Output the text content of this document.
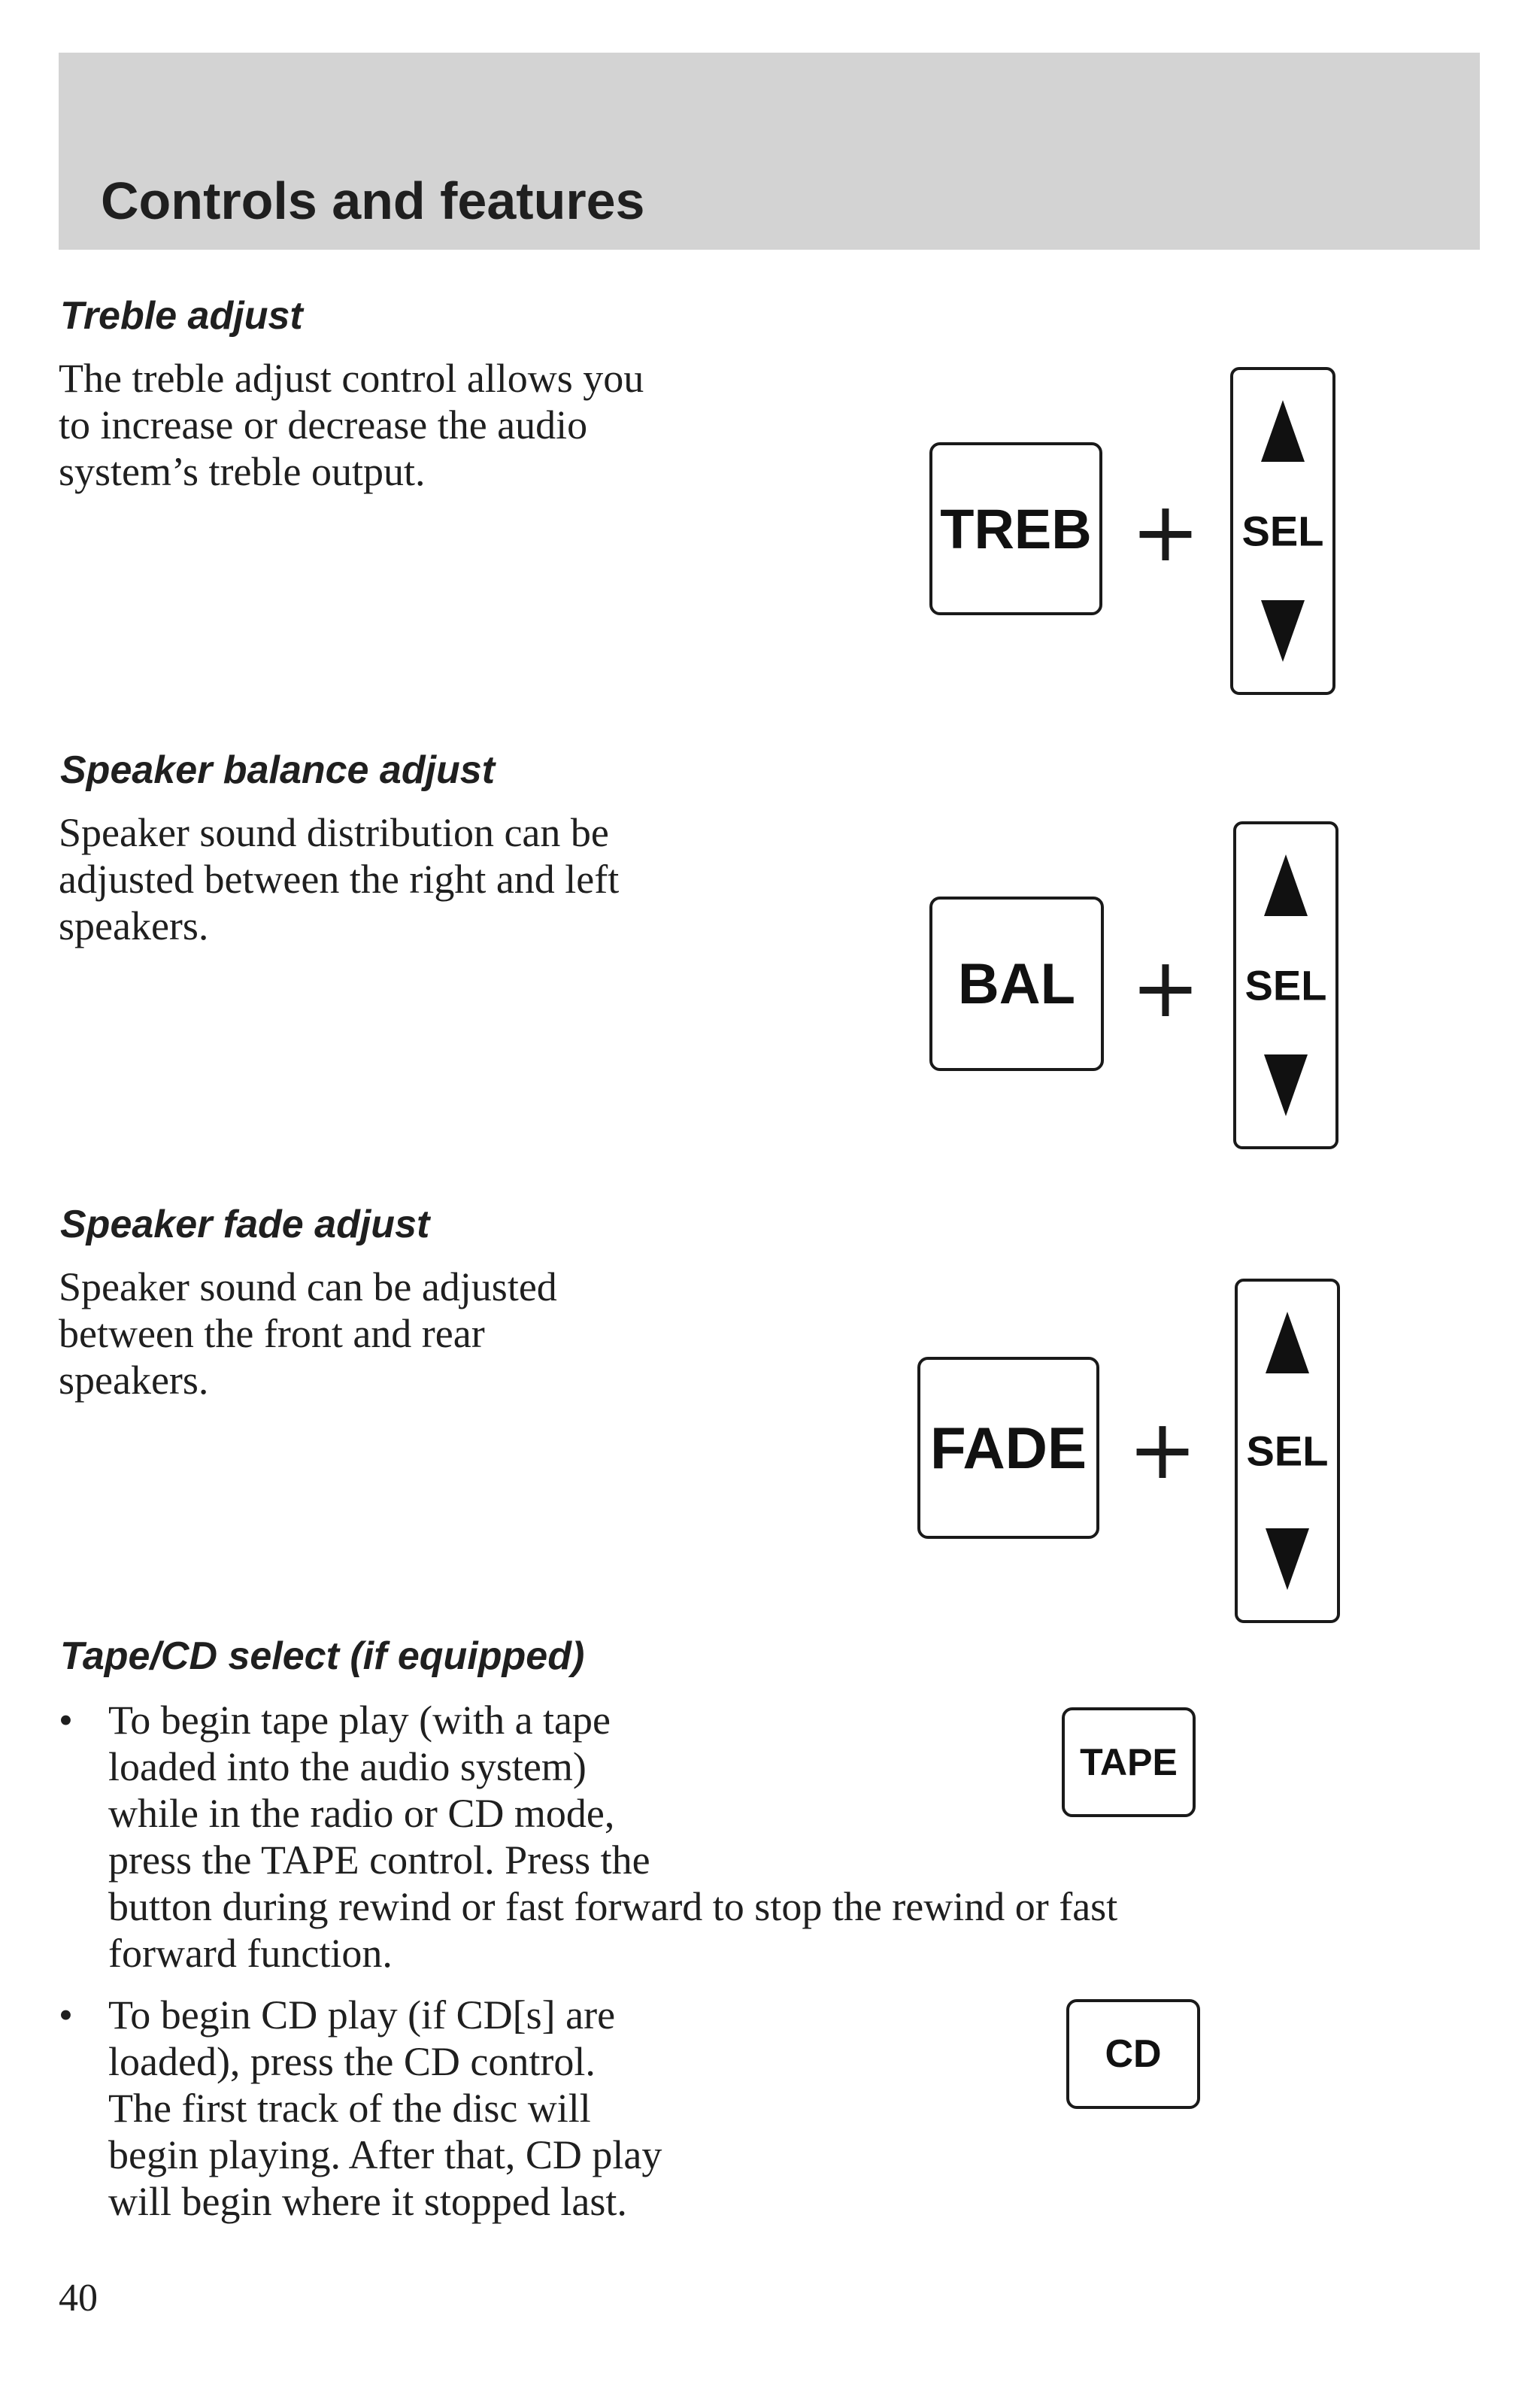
Controls and features
Treble adjust

The treble adjust control allows you
to increase or decrease the audio
system’s treble output.

TREB + SEL
Speaker balance adjust

Speaker sound distribution can be
adjusted between the right and left
speakers.

BAL + SEL
Speaker fade adjust

Speaker sound can be adjusted
between the front and rear
speakers.

FADE + SEL
Tape/CD select (if equipped)
• To begin tape play (with a tape
loaded into the audio system)
while in the radio or CD mode,
press the TAPE control. Press the
button during rewind or fast forward to stop the rewind or fast
forward function.
• To begin CD play (if CD[s] are
loaded), press the CD control.
The first track of the disc will
begin playing. After that, CD play
will begin where it stopped last.
TAPE
CD

40
